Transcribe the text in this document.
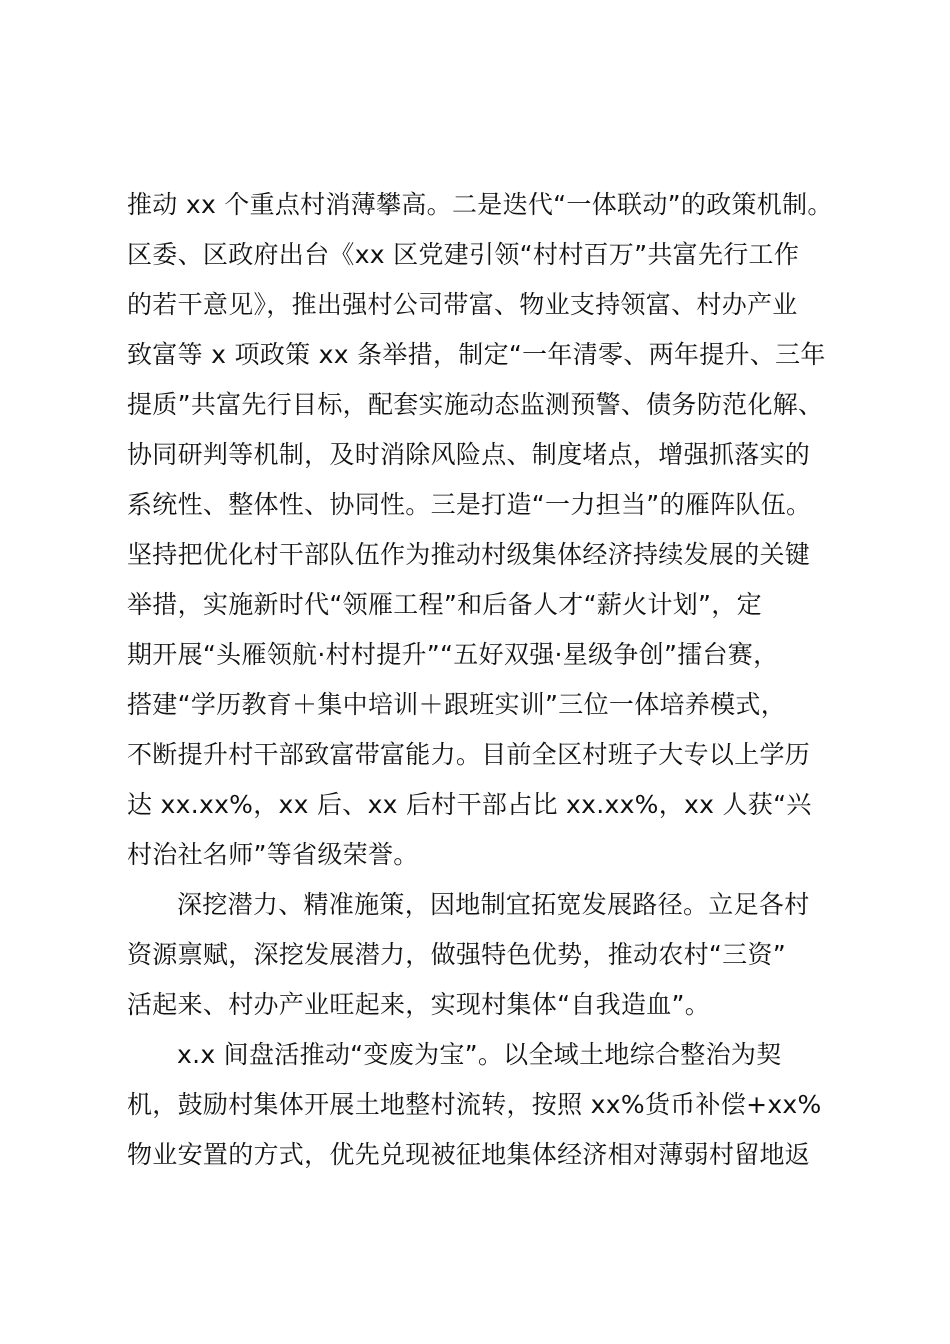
推动 xx 个重点村消薄攀高。二是迭代“一体联动”的政策机制。
区委、区政府出台《xx 区党建引领“村村百万”共富先行工作
的若干意见》，推出强村公司带富、物业支持领富、村办产业
致富等 x 项政策 xx 条举措，制定“一年清零、两年提升、三年
提质”共富先行目标，配套实施动态监测预警、债务防范化解、
协同研判等机制，及时消除风险点、制度堵点，增强抓落实的
系统性、整体性、协同性。三是打造“一力担当”的雁阵队伍。
坚持把优化村干部队伍作为推动村级集体经济持续发展的关键
举措，实施新时代“领雁工程”和后备人才“薪火计划”，定
期开展“头雁领航·村村提升”“五好双强·星级争创”擂台赛，
搭建“学历教育＋集中培训＋跟班实训”三位一体培养模式，
不断提升村干部致富带富能力。目前全区村班子大专以上学历
达 xx.xx%，xx 后、xx 后村干部占比 xx.xx%，xx 人获“兴
村治社名师”等省级荣誉。
深挖潜力、精准施策，因地制宜拓宽发展路径。立足各村
资源禀赋，深挖发展潜力，做强特色优势，推动农村“三资”
活起来、村办产业旺起来，实现村集体“自我造血”。
x.x 间盘活推动“变废为宝”。以全域土地综合整治为契
机，鼓励村集体开展土地整村流转，按照 xx%货币补偿+xx%
物业安置的方式，优先兑现被征地集体经济相对薄弱村留地返
